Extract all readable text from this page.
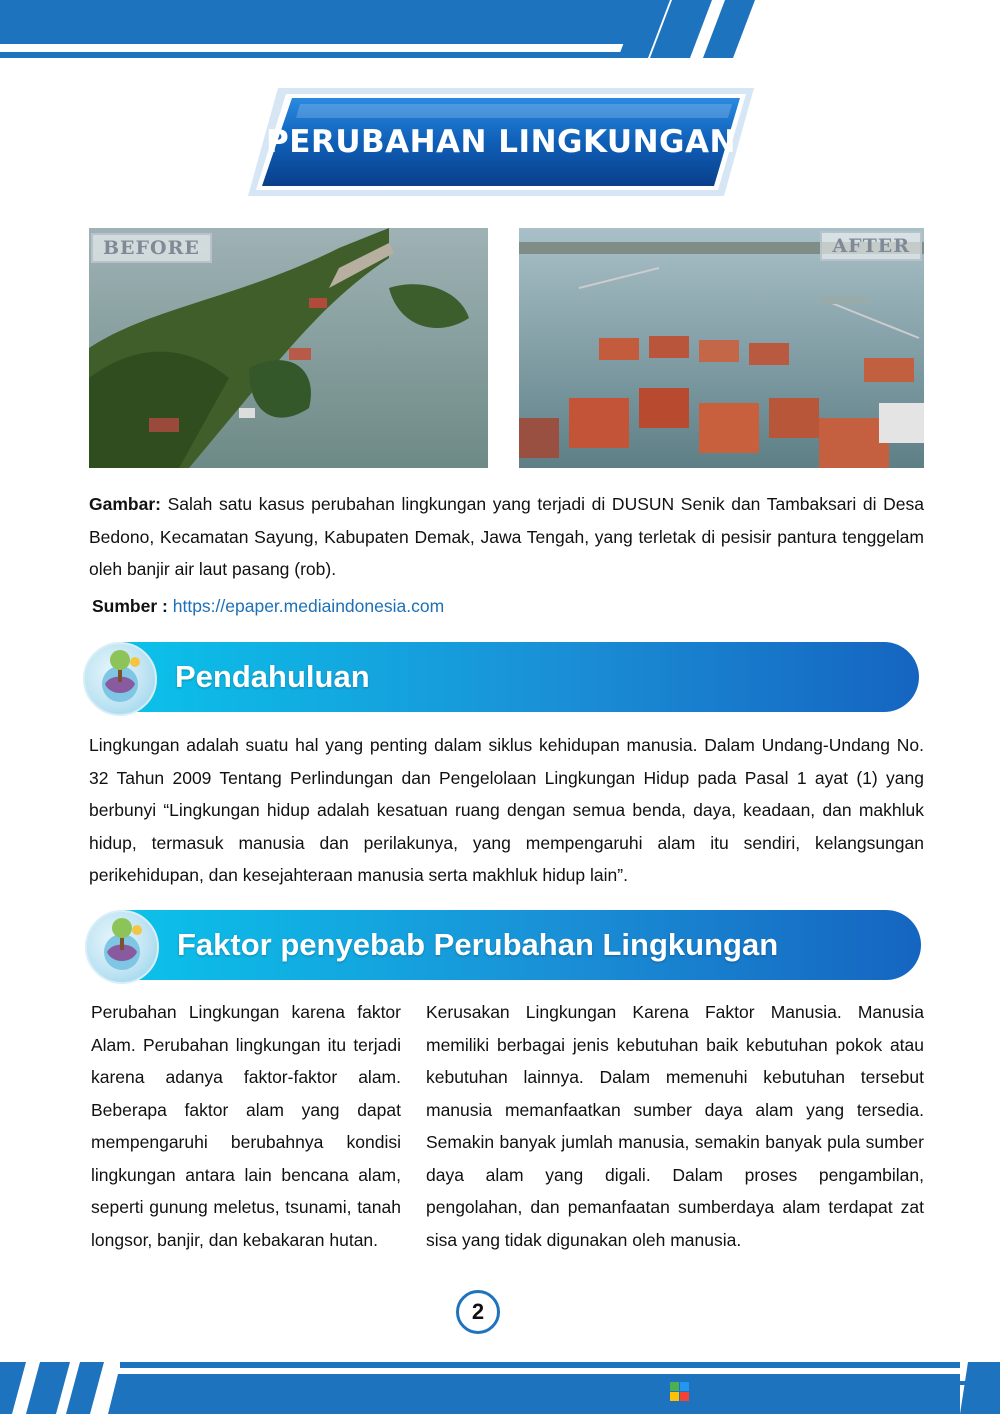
PERUBAHAN LINGKUNGAN
BEFORE	AFTER
Gambar: Salah satu kasus perubahan lingkungan yang terjadi di DUSUN Senik dan Tambaksari di Desa Bedono, Kecamatan Sayung, Kabupaten Demak, Jawa Tengah, yang terletak di pesisir pantura tenggelam oleh banjir air laut pasang (rob).
Sumber : https://epaper.mediaindonesia.com
Pendahuluan
Lingkungan adalah suatu hal yang penting dalam siklus kehidupan manusia. Dalam Undang-Undang No. 32 Tahun 2009 Tentang Perlindungan dan Pengelolaan Lingkungan Hidup pada Pasal 1 ayat (1) yang berbunyi “Lingkungan hidup adalah kesatuan ruang dengan semua benda, daya, keadaan, dan makhluk hidup, termasuk manusia dan perilakunya, yang mempengaruhi alam itu sendiri, kelangsungan perikehidupan, dan kesejahteraan manusia serta makhluk hidup lain”.
Faktor penyebab Perubahan Lingkungan
Perubahan Lingkungan karena faktor Alam. Perubahan lingkungan itu terjadi karena adanya faktor-faktor alam. Beberapa faktor alam yang dapat mempengaruhi berubahnya kondisi lingkungan antara lain bencana alam, seperti gunung meletus, tsunami, tanah longsor, banjir, dan kebakaran hutan.
Kerusakan Lingkungan Karena Faktor Manusia. Manusia memiliki berbagai jenis kebutuhan baik kebutuhan pokok atau kebutuhan lainnya. Dalam memenuhi kebutuhan tersebut manusia memanfaatkan sumber daya alam yang tersedia. Semakin banyak jumlah manusia, semakin banyak pula sumber daya alam yang digali. Dalam proses pengambilan, pengolahan, dan pemanfaatan sumberdaya alam terdapat zat sisa yang tidak digunakan oleh manusia.
2
LIVEWORKSHEETS
